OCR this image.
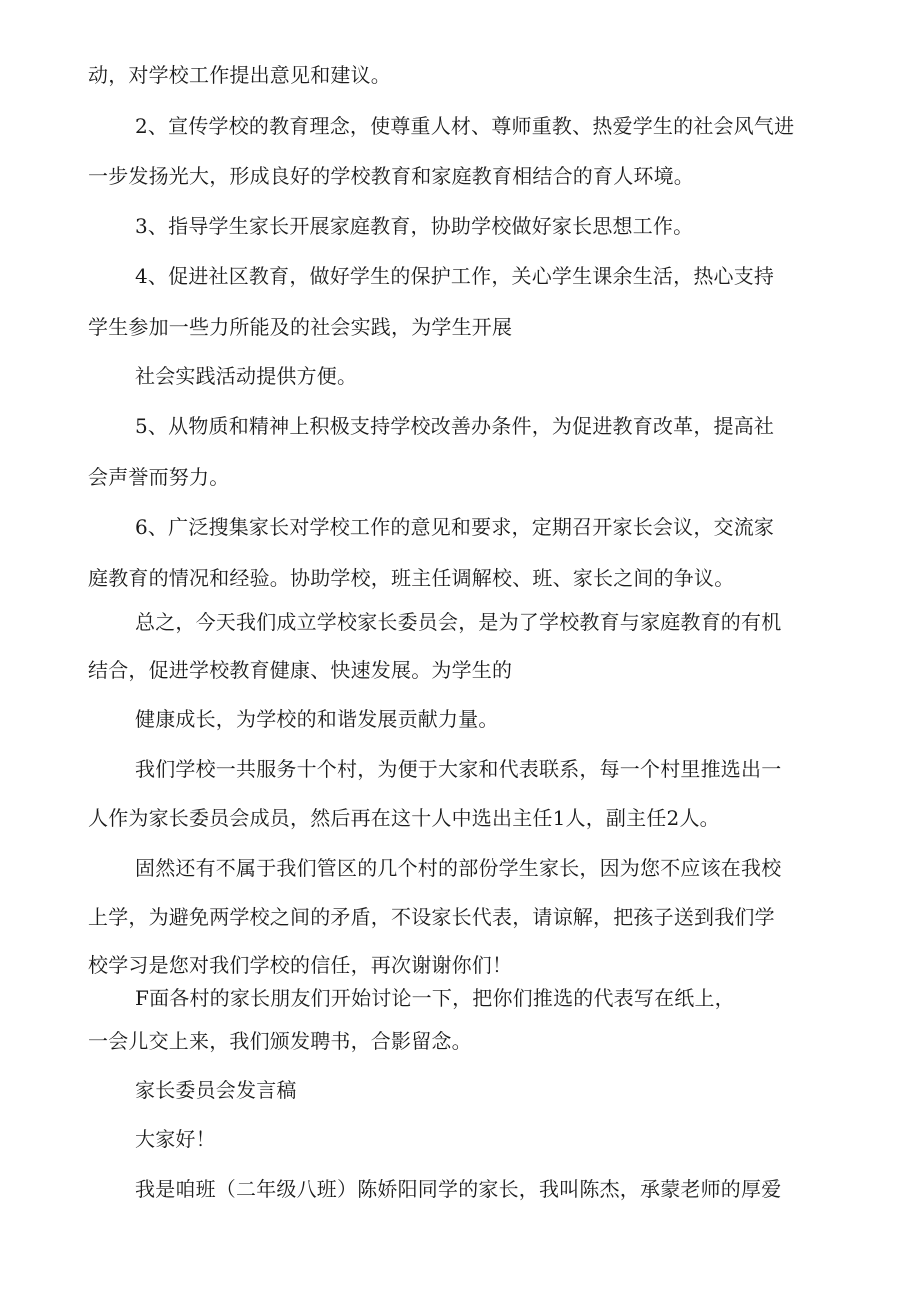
动，对学校工作提出意见和建议。
2、宣传学校的教育理念，使尊重人材、尊师重教、热爱学生的社会风气进
一步发扬光大，形成良好的学校教育和家庭教育相结合的育人环境。
3、指导学生家长开展家庭教育，协助学校做好家长思想工作。
4、促进社区教育，做好学生的保护工作，关心学生课余生活，热心支持
学生参加一些力所能及的社会实践，为学生开展
社会实践活动提供方便。
5、从物质和精神上积极支持学校改善办条件，为促进教育改革，提高社
会声誉而努力。
6、广泛搜集家长对学校工作的意见和要求，定期召开家长会议，交流家
庭教育的情况和经验。协助学校，班主任调解校、班、家长之间的争议。
总之，今天我们成立学校家长委员会，是为了学校教育与家庭教育的有机
结合，促进学校教育健康、快速发展。为学生的
健康成长，为学校的和谐发展贡献力量。
我们学校一共服务十个村，为便于大家和代表联系，每一个村里推选出一
人作为家长委员会成员，然后再在这十人中选出主任1人，副主任2人。
固然还有不属于我们管区的几个村的部份学生家长，因为您不应该在我校
上学，为避免两学校之间的矛盾，不设家长代表，请谅解，把孩子送到我们学
校学习是您对我们学校的信任，再次谢谢你们！
F面各村的家长朋友们开始讨论一下，把你们推选的代表写在纸上，
一会儿交上来，我们颁发聘书，合影留念。
家长委员会发言稿
大家好！
我是咱班（二年级八班）陈娇阳同学的家长，我叫陈杰，承蒙老师的厚爱
